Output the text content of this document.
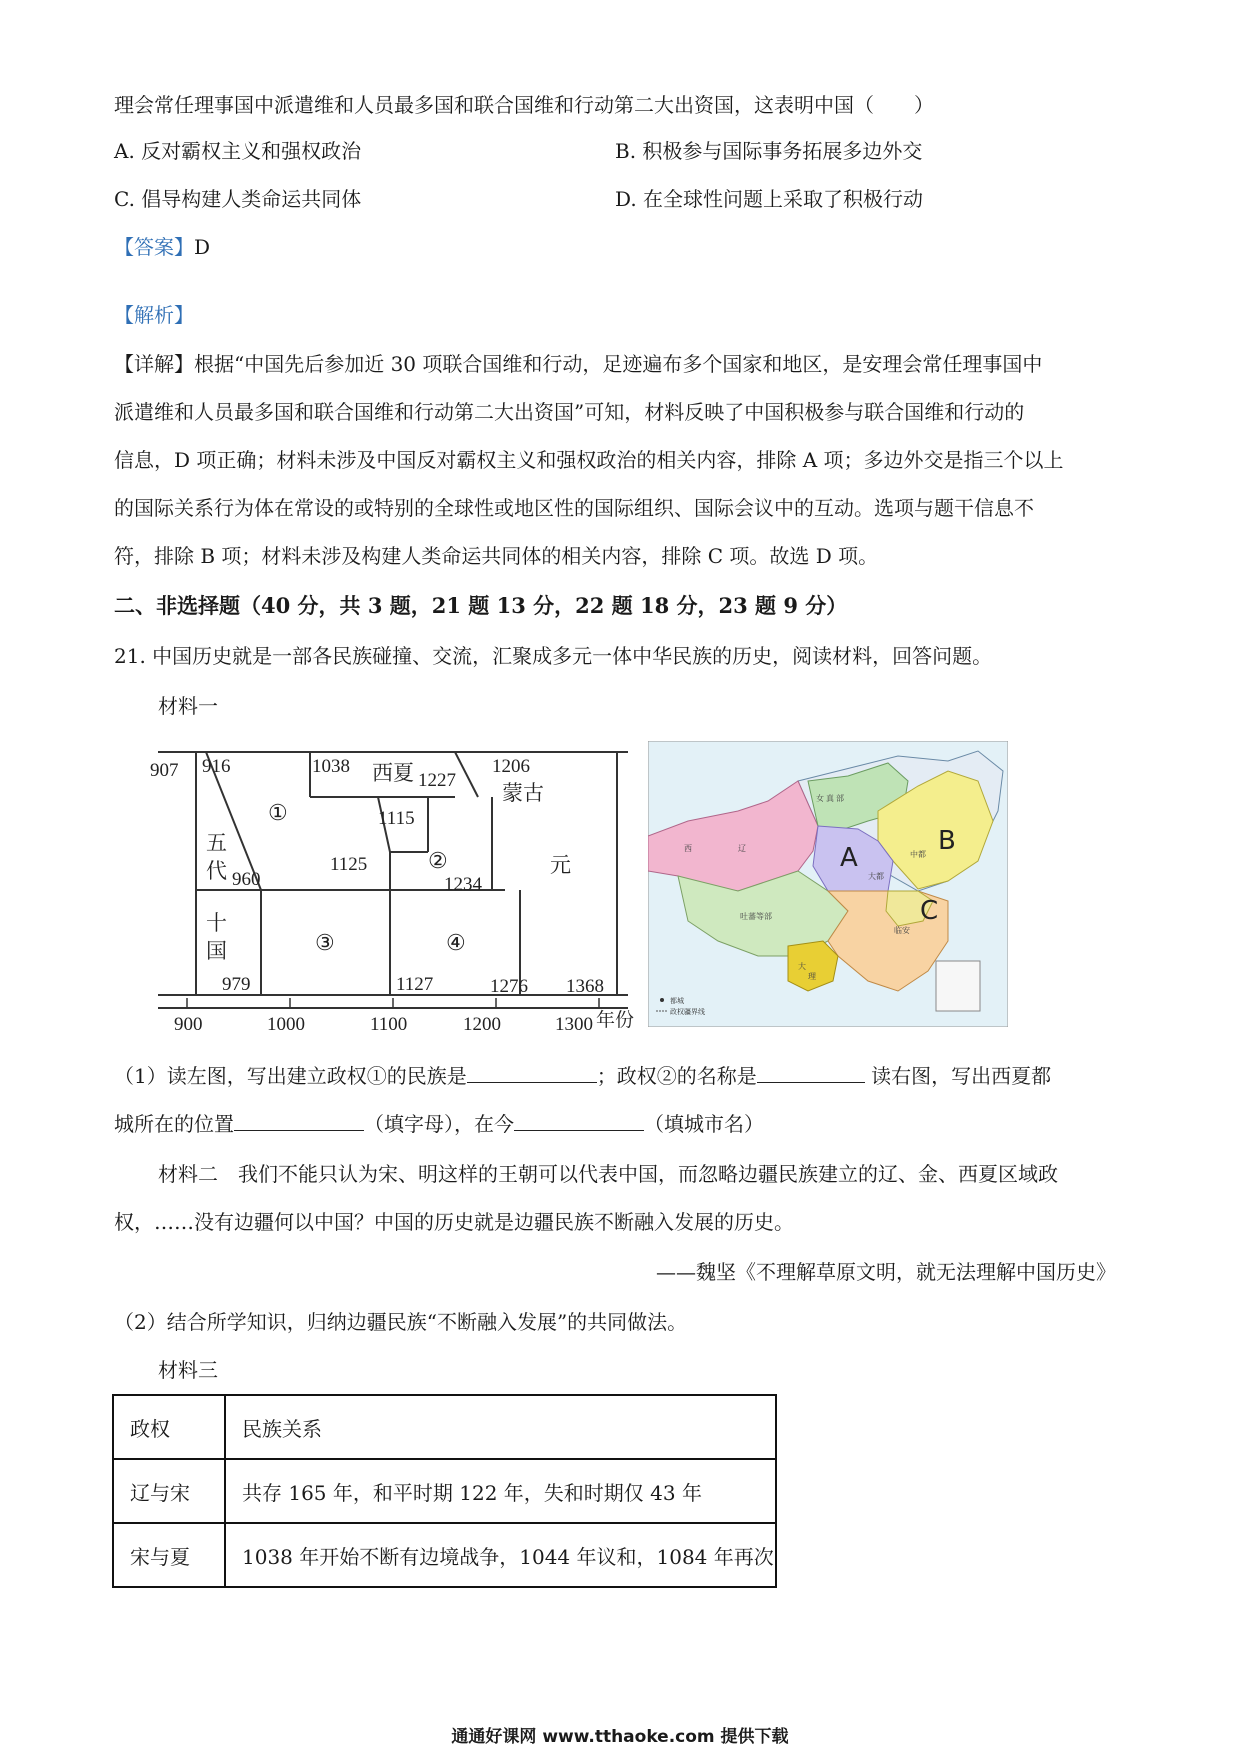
理会常任理事国中派遣维和人员最多国和联合国维和行动第二大出资国，这表明中国（　　）
A. 反对霸权主义和强权政治	B. 积极参与国际事务拓展多边外交
C. 倡导构建人类命运共同体	D. 在全球性问题上采取了积极行动
【答案】D
【解析】
【详解】根据“中国先后参加近 30 项联合国维和行动，足迹遍布多个国家和地区，是安理会常任理事国中
派遣维和人员最多国和联合国维和行动第二大出资国”可知，材料反映了中国积极参与联合国维和行动的
信息，D 项正确；材料未涉及中国反对霸权主义和强权政治的相关内容，排除 A 项；多边外交是指三个以上
的国际关系行为体在常设的或特别的全球性或地区性的国际组织、国际会议中的互动。选项与题干信息不
符，排除 B 项；材料未涉及构建人类命运共同体的相关内容，排除 C 项。故选 D 项。
二、非选择题（40 分，共 3 题，21 题 13 分，22 题 18 分，23 题 9 分）
21. 中国历史就是一部各民族碰撞、交流，汇聚成多元一体中华民族的历史，阅读材料，回答问题。
材料一
907 916	1038 西夏 1227
1206
蒙古
①	1115
②
1125
五
代 960	1234
元
十
国	③	④
979	1127	1276 1368
900	1000	1100	1200	1300 年份
A
B
C
西	辽
女 真 部
中都
大都
吐蕃等部
大
理
临安
都城
政权疆界线
（1）读左图，写出建立政权①的民族是	；政权②的名称是	读右图，写出西夏都
城所在的位置	（填字母），在今	（填城市名）
材料二　我们不能只认为宋、明这样的王朝可以代表中国，而忽略边疆民族建立的辽、金、西夏区域政
权，……没有边疆何以中国？中国的历史就是边疆民族不断融入发展的历史。
——魏坚《不理解草原文明，就无法理解中国历史》
（2）结合所学知识，归纳边疆民族“不断融入发展”的共同做法。
材料三
政权	民族关系
辽与宋	共存 165 年，和平时期 122 年，失和时期仅 43 年
宋与夏	1038 年开始不断有边境战争，1044 年议和，1084 年再次
通通好课网 www.tthaoke.com 提供下载
